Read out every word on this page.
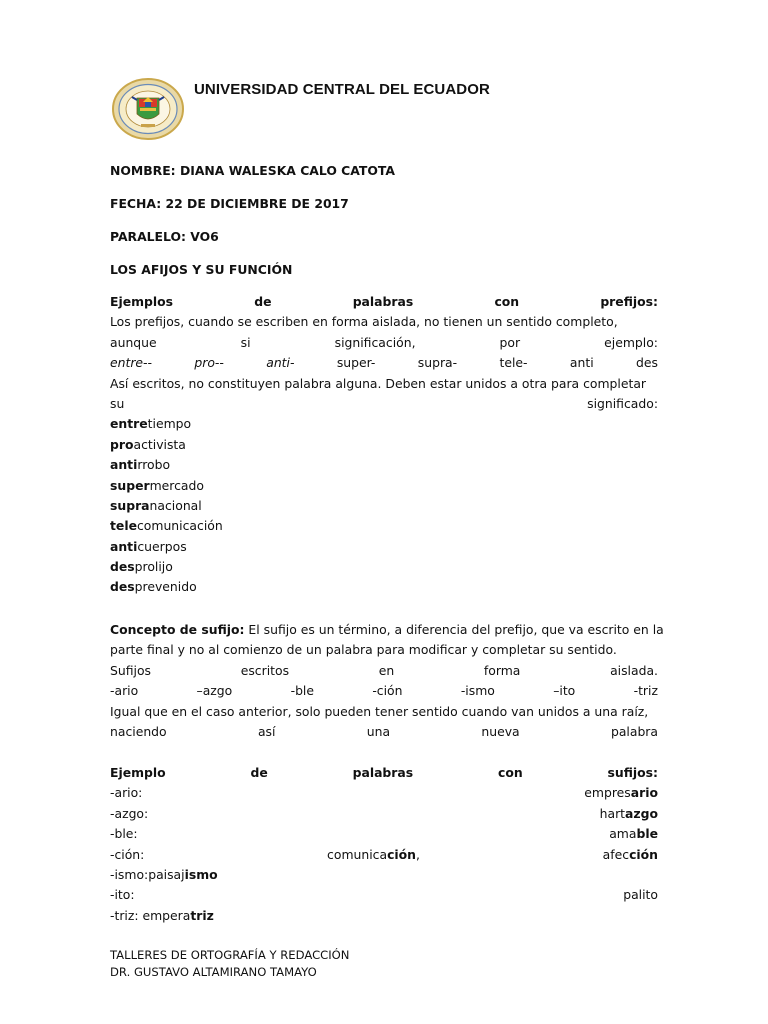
UNIVERSIDAD CENTRAL DEL ECUADOR
NOMBRE: DIANA WALESKA CALO CATOTA
FECHA: 22 DE DICIEMBRE DE 2017
PARALELO: VO6
LOS AFIJOS Y SU FUNCIÓN
Ejemplos	de	palabras	con	prefijos:
Los prefijos, cuando se escriben en forma aislada, no tienen un sentido completo,
aunque	si	significación,	por	ejemplo:
entre--	pro--	anti-	super-	supra-	tele-	anti	des
Así escritos, no constituyen palabra alguna. Deben estar unidos a otra para completar
su	significado:
entretiempo
proactivista
antirrobo
supermercado
supranacional
telecomunicación
anticuerpos
desprolijo
desprevenido
Concepto de sufijo: El sufijo es un término, a diferencia del prefijo, que va escrito en la
parte final y no al comienzo de un palabra para modificar y completar su sentido.
Sufijos	escritos	en	forma	aislada.
-ario	–azgo	-ble	-ción	-ismo	–ito	-triz
Igual que en el caso anterior, solo pueden tener sentido cuando van unidos a una raíz,
naciendo	así	una	nueva	palabra
Ejemplo	de	palabras	con	sufijos:
-ario:	empresario
-azgo:	hartazgo
-ble:	amable
-ción:	comunicación,	afección
-ismo:paisajismo
-ito:	palito
-triz: emperatriz
TALLERES DE ORTOGRAFÍA Y REDACCIÓN
DR. GUSTAVO ALTAMIRANO TAMAYO
